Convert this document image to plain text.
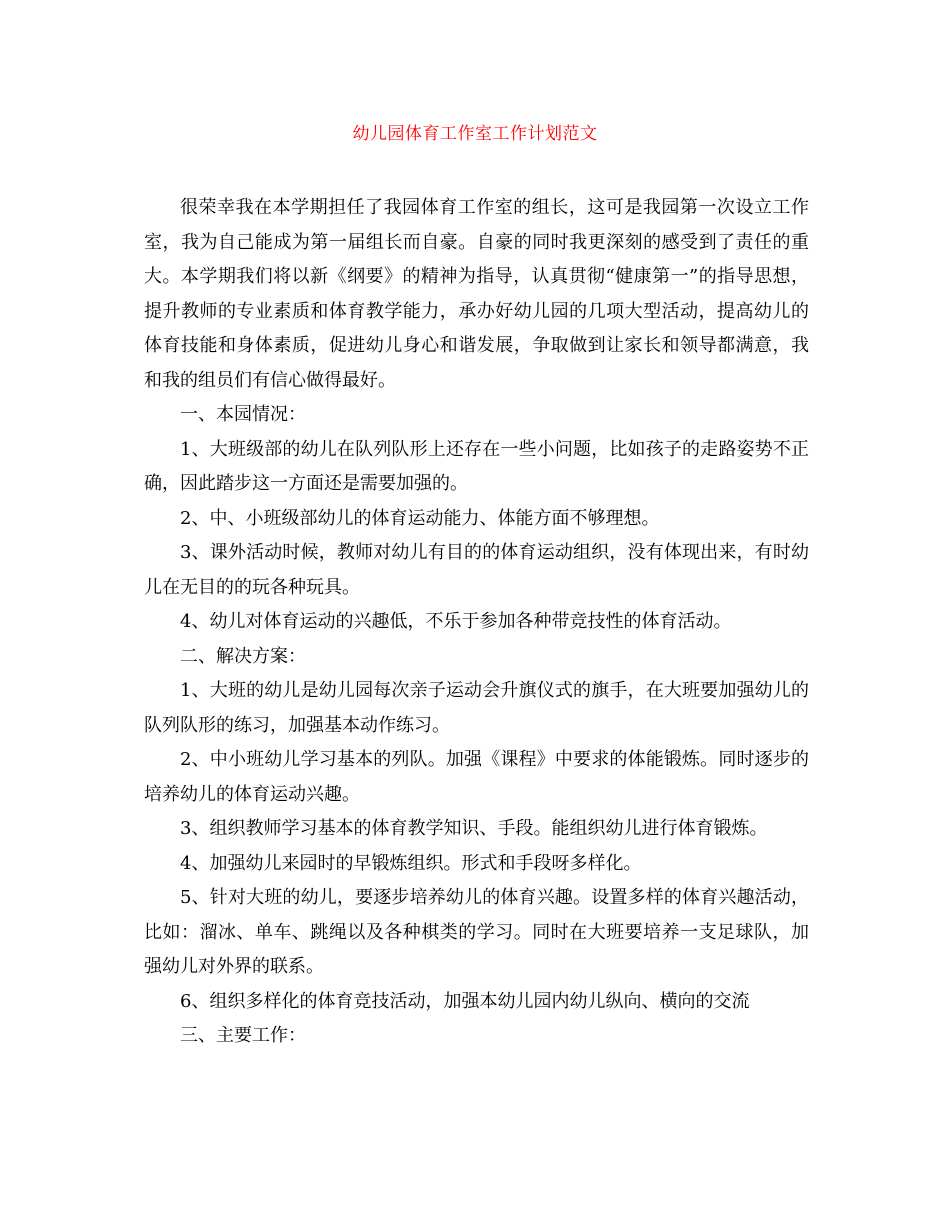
幼儿园体育工作室工作计划范文

很荣幸我在本学期担任了我园体育工作室的组长，这可是我园第一次设立工作室，我为自己能成为第一届组长而自豪。自豪的同时我更深刻的感受到了责任的重大。本学期我们将以新《纲要》的精神为指导，认真贯彻“健康第一”的指导思想，提升教师的专业素质和体育教学能力，承办好幼儿园的几项大型活动，提高幼儿的体育技能和身体素质，促进幼儿身心和谐发展，争取做到让家长和领导都满意，我和我的组员们有信心做得最好。

一、本园情况：

1、大班级部的幼儿在队列队形上还存在一些小问题，比如孩子的走路姿势不正确，因此踏步这一方面还是需要加强的。

2、中、小班级部幼儿的体育运动能力、体能方面不够理想。

3、课外活动时候，教师对幼儿有目的的体育运动组织，没有体现出来，有时幼儿在无目的的玩各种玩具。

4、幼儿对体育运动的兴趣低，不乐于参加各种带竞技性的体育活动。

二、解决方案：

1、大班的幼儿是幼儿园每次亲子运动会升旗仪式的旗手，在大班要加强幼儿的队列队形的练习，加强基本动作练习。

2、中小班幼儿学习基本的列队。加强《课程》中要求的体能锻炼。同时逐步的培养幼儿的体育运动兴趣。

3、组织教师学习基本的体育教学知识、手段。能组织幼儿进行体育锻炼。

4、加强幼儿来园时的早锻炼组织。形式和手段呀多样化。

5、针对大班的幼儿，要逐步培养幼儿的体育兴趣。设置多样的体育兴趣活动，比如：溜冰、单车、跳绳以及各种棋类的学习。同时在大班要培养一支足球队，加强幼儿对外界的联系。

6、组织多样化的体育竞技活动，加强本幼儿园内幼儿纵向、横向的交流

三、主要工作：
